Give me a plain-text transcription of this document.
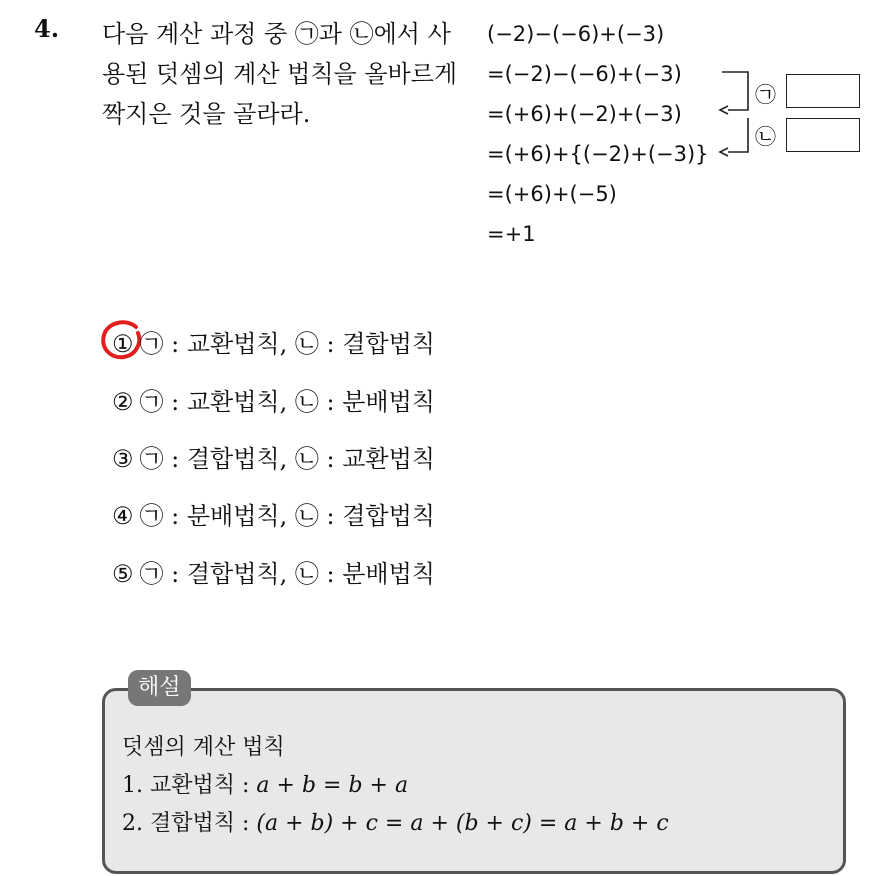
4. 다음 계산 과정 중 ㉠과 ㉡에서 사용된 덧셈의 계산 법칙을 올바르게 짝지은 것을 골라라.
(−2)−(−6)+(−3)
=(−2)−(−6)+(−3)
=(+6)+(−2)+(−3)
=(+6)+{(−2)+(−3)}
=(+6)+(−5)
=+1
㉠
㉡
① ㉠ : 교환법칙, ㉡ : 결합법칙
② ㉠ : 교환법칙, ㉡ : 분배법칙
③ ㉠ : 결합법칙, ㉡ : 교환법칙
④ ㉠ : 분배법칙, ㉡ : 결합법칙
⑤ ㉠ : 결합법칙, ㉡ : 분배법칙
해설
덧셈의 계산 법칙
1. 교환법칙 : a + b = b + a
2. 결합법칙 : (a + b) + c = a + (b + c) = a + b + c
